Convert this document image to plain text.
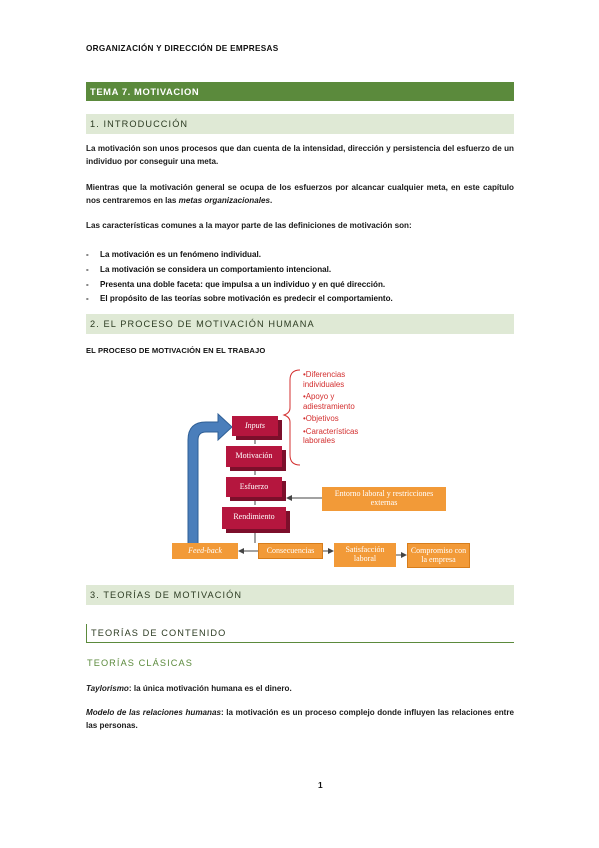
ORGANIZACIÓN Y DIRECCIÓN DE EMPRESAS
TEMA 7. MOTIVACION
1. INTRODUCCIÓN

La motivación son unos procesos que dan cuenta de la intensidad, dirección y persistencia del esfuerzo de un individuo por conseguir una meta.

Mientras que la motivación general se ocupa de los esfuerzos por alcancar cualquier meta, en este capítulo nos centraremos en las metas organizacionales.

Las características comunes a la mayor parte de las definiciones de motivación son:

- La motivación es un fenómeno individual.
- La motivación se considera un comportamiento intencional.
- Presenta una doble faceta: que impulsa a un individuo y en qué dirección.
- El propósito de las teorías sobre motivación es predecir el comportamiento.
2. EL PROCESO DE MOTIVACIÓN HUMANA
EL PROCESO DE MOTIVACIÓN EN EL TRABAJO
Inputs
Motivación
Esfuerzo
Rendimiento
•Diferencias individuales
•Apoyo y adiestramiento
•Objetivos
•Características laborales
Entorno laboral y restricciones externas
Feed-back	Consecuencias	Satisfacción laboral
Compromiso con la empresa
3. TEORÍAS DE MOTIVACIÓN
TEORÍAS DE CONTENIDO
TEORÍAS CLÁSICAS

Taylorismo: la única motivación humana es el dinero.

Modelo de las relaciones humanas: la motivación es un proceso complejo donde influyen las relaciones entre las personas.

1
